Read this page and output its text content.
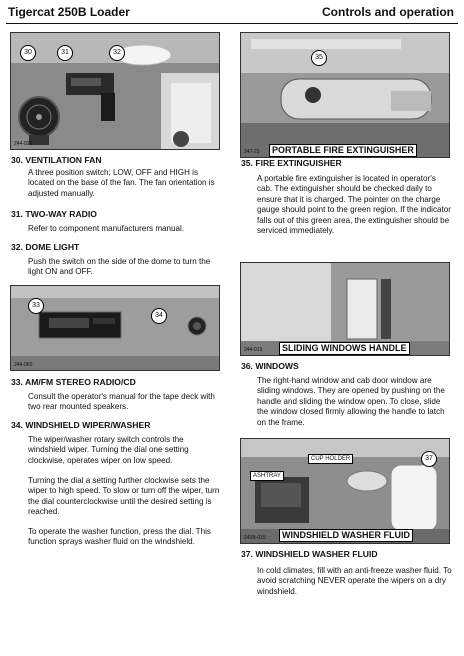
Tigercat 250B Loader	Controls and operation
30	31	32
244-020
30. VENTILATION FAN
A three position switch; LOW, OFF and HIGH is located on the base of the fan. The fan orientation is adjusted manually.
31. TWO-WAY RADIO
Refer to component manufacturers manual.
32. DOME LIGHT
Push the switch on the side of the dome to turn the light ON and OFF.
33
34
244-060
33. AM/FM STEREO RADIO/CD
Consult the operator's manual for the tape deck with two rear mounted speakers.
34. WINDSHIELD WIPER/WASHER
The wiper/washer rotary switch controls the windshield wiper. Turning the dial one setting clockwise, operates wiper on low speed.
Turning the dial a setting further clockwise sets the wiper to high speed. To slow or turn off the wiper, turn the dial counterclockwise until the desired setting is reached.
To operate the washer function, press the dial. This function sprays washer fluid on the windshield.
35
247-23	PORTABLE FIRE EXTINGUISHER
35. FIRE EXTINGUISHER
A portable fire extinguisher is located in operator's cab. The extinguisher should be checked daily to ensure that it is charged. The pointer on the charge gauge should point to the green region. If the indicator falls out of this green area, the extinguisher should be serviced immediately.
244-019	SLIDING WINDOWS HANDLE
36. WINDOWS
The right-hand window and cab door window are sliding windows. They are opened by pushing on the handle and sliding the window open. To close, slide the window closed firmly allowing the handle to latch on the frame.
37
ASHTRAY
CUP HOLDER
240B-015	WINDSHIELD WASHER FLUID
37. WINDSHIELD WASHER FLUID
In cold climates, fill with an anti-freeze washer fluid. To avoid scratching NEVER operate the wipers on a dry windshield.
